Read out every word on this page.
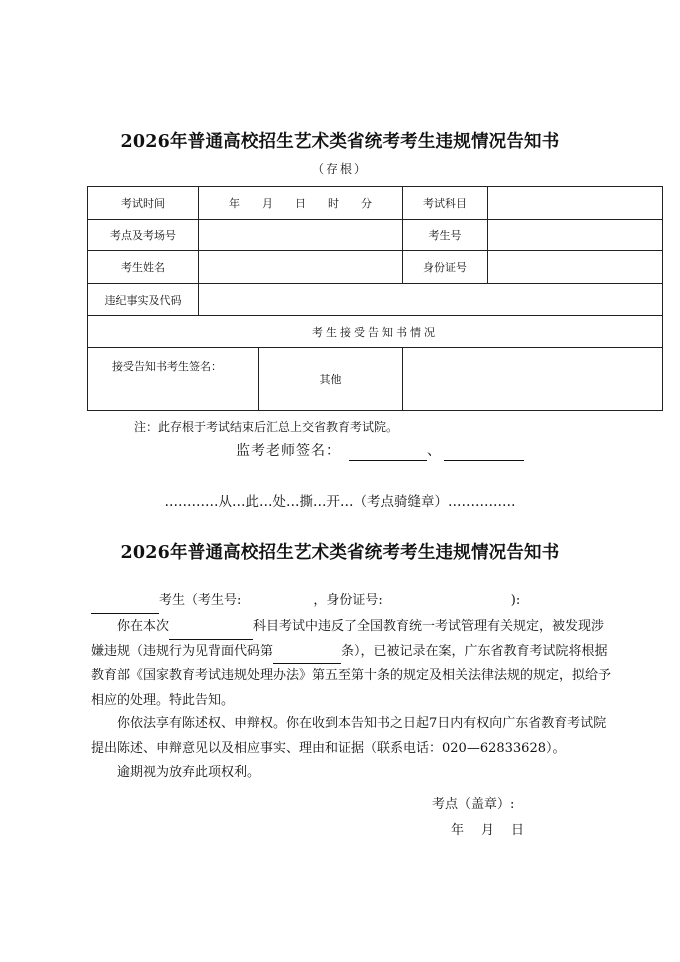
2026年普通高校招生艺术类省统考考生违规情况告知书
（存根）
考试时间	年　　月　　日　　时　　分		考试科目	
考点及考场号			考生号	
考生姓名			身份证号	
违纪事实及代码				
考生接受告知书情况				
接受告知书考生签名：		其他		
注：此存根于考试结束后汇总上交省教育考试院。
监考老师签名：	、
…………从…此…处…撕…开…（考点骑缝章）……………
2026年普通高校招生艺术类省统考考生违规情况告知书
考生（考生号:	，身份证号:	):
你在本次	科目考试中违反了全国教育统一考试管理有关规定，被发现涉嫌违规（违规行为见背面代码第	条），已被记录在案，广东省教育考试院将根据教育部《国家教育考试违规处理办法》第五至第十条的规定及相关法律法规的规定，拟给予相应的处理。特此告知。
你依法享有陈述权、申辩权。你在收到本告知书之日起7日内有权向广东省教育考试院提出陈述、申辩意见以及相应事实、理由和证据（联系电话：020—62833628）。
逾期视为放弃此项权利。
考点（盖章）:
年　月　日
